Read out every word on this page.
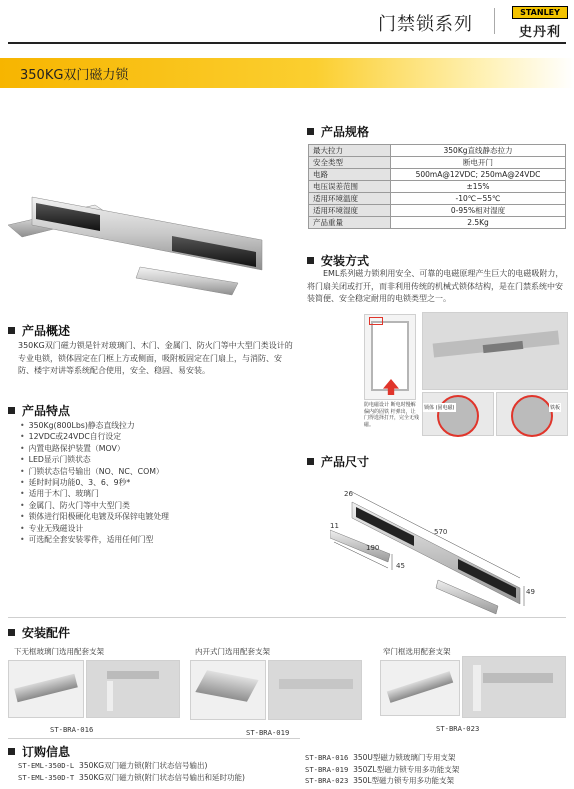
门禁锁系列
STANLEY
史丹利
350KG双门磁力锁
产品规格
最大拉力	350Kg直线静态拉力
安全类型	断电开门
电路	500mA@12VDC; 250mA@24VDC
电压误差范围	±15%
适用环境温度	-10℃~55℃
适用环境湿度	0-95%相对湿度
产品重量	2.5Kg
安装方式
EML系列磁力锁利用安全、可靠的电磁原理产生巨大的电磁吸附力，将门扇关闭或打开，而非利用传统的机械式锁体结构，是在门禁系统中安装简便、安全稳定耐用的电锁类型之一。
防电磁设计 断电时慢解偏内的固铁 杆弹出，让门得选择打开，完全无残磁。
锁体 (固电磁)	铁板
产品概述
350KG双门磁力锁是针对玻璃门、木门、金属门、防火门等中大型门类设计的专业电锁，锁体固定在门框上方或侧面，吸附板固定在门扇上，与消防、安防、楼宇对讲等系统配合使用，安全、稳固、易安装。
产品特点
• 350Kg(800Lbs)静态直线拉力
• 12VDC或24VDC自行设定
• 内置电路保护装置（MOV）
• LED显示门锁状态
• 门锁状态信号输出（NO、NC、COM）
• 延时时间功能0、3、6、9秒*
• 适用于木门、玻璃门
• 金属门、防火门等中大型门类
• 锁体进行阳极硬化电镀及环保锌电镀处理
• 专业无残磁设计
• 可选配全套安装零件，适用任何门型
产品尺寸
26
570
49
190
45
11
安装配件
下无框玻璃门选用配套支架
ST-BRA-016
内开式门选用配套支架
ST-BRA-019
窄门框选用配套支架
ST-BRA-023
订购信息
ST-EML-350D-L 350KG双门磁力锁(附门状态信号输出)
ST-EML-350D-T 350KG双门磁力锁(附门状态信号输出和延时功能)
ST-BRA-016 350U型磁力锁玻璃门专用支架
ST-BRA-019 350ZL型磁力锁专用多功能支架
ST-BRA-023 350L型磁力锁专用多功能支架
